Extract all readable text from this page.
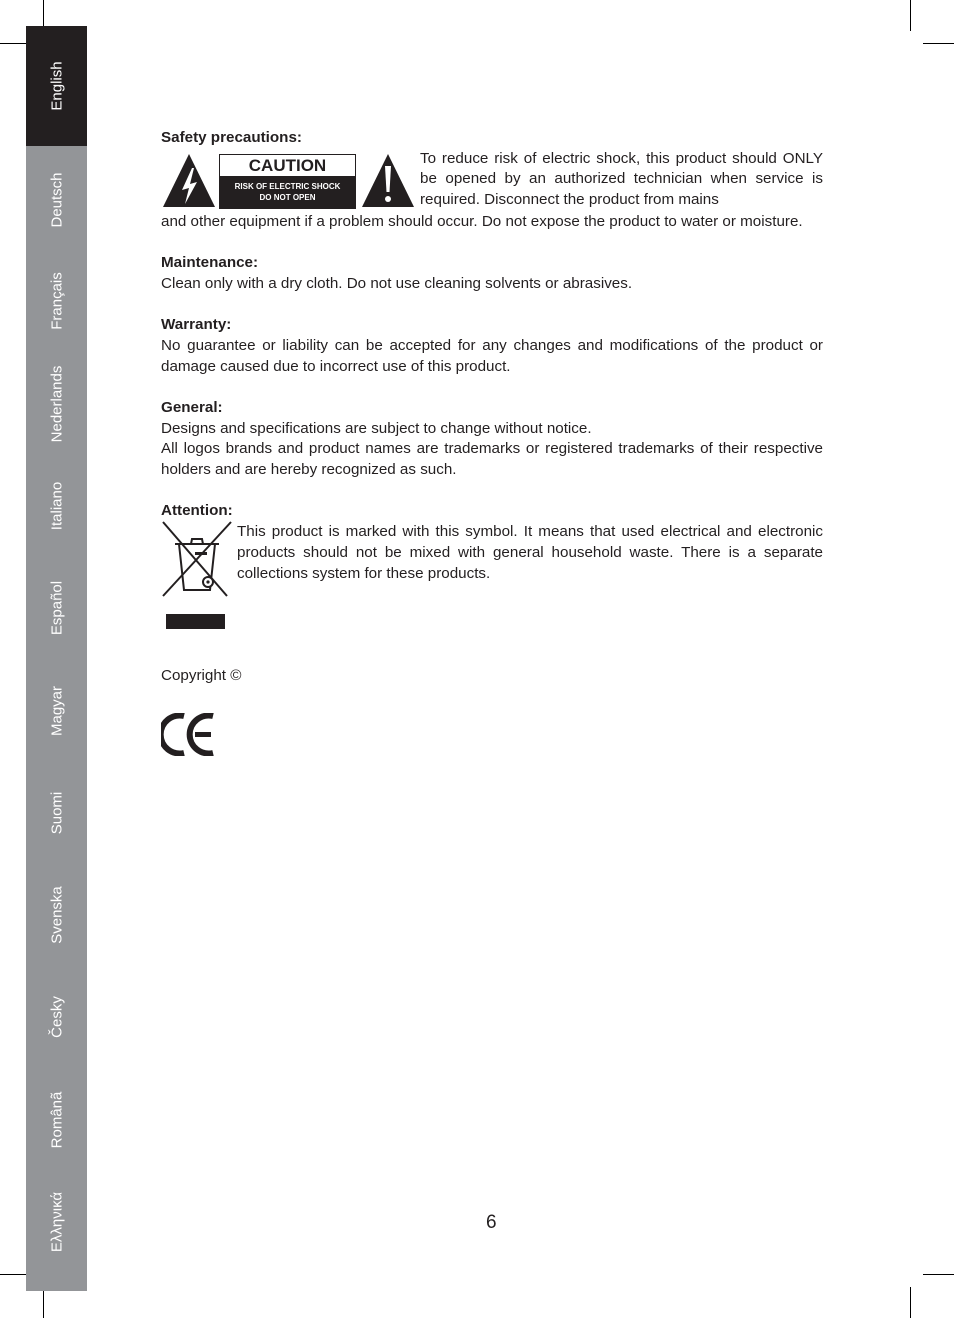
English
Deutsch
Français
Nederlands
Italiano
Español
Magyar
Suomi
Svenska
Česky
Românã
Ελληνικά

Safety precautions:

CAUTION
RISK OF ELECTRIC SHOCK
DO NOT OPEN

To reduce risk of electric shock, this product should ONLY be opened by an authorized technician when service is required. Disconnect the product from mains

and other equipment if a problem should occur. Do not expose the product to water or moisture.

Maintenance:

Clean only with a dry cloth. Do not use cleaning solvents or abrasives.

Warranty:

No guarantee or liability can be accepted for any changes and modifications of the product or damage caused due to incorrect use of this product.

General:

Designs and specifications are subject to change without notice.

All logos brands and product names are trademarks or registered trademarks of their respective holders and are hereby recognized as such.

Attention:

This product is marked with this symbol. It means that used electrical and electronic products should not be mixed with general household waste. There is a separate collections system for these products.

Copyright ©

6
